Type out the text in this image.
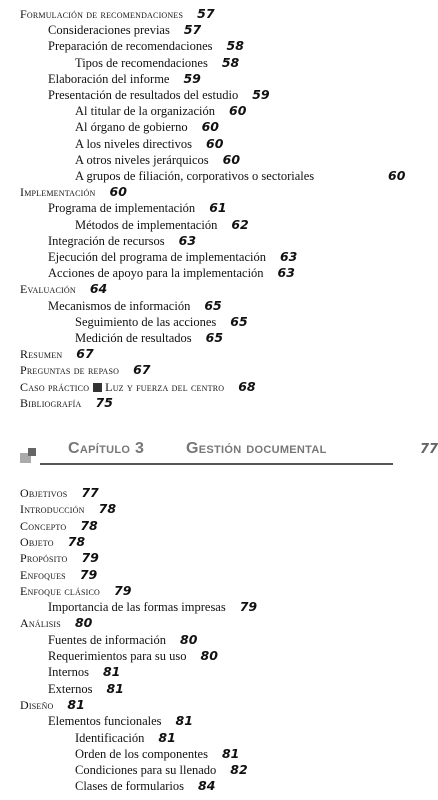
Formulación de recomendaciones 57
Consideraciones previas 57
Preparación de recomendaciones 58
Tipos de recomendaciones 58
Elaboración del informe 59
Presentación de resultados del estudio 59
Al titular de la organización 60
Al órgano de gobierno 60
A los niveles directivos 60
A otros niveles jerárquicos 60
A grupos de filiación, corporativos o sectoriales	60
Implementación 60
Programa de implementación 61
Métodos de implementación 62
Integración de recursos 63
Ejecución del programa de implementación 63
Acciones de apoyo para la implementación 63
Evaluación 64
Mecanismos de información 65
Seguimiento de las acciones 65
Medición de resultados 65
Resumen 67
Preguntas de repaso 67
Caso práctico Luz y fuerza del centro 68
Bibliografía 75
Capítulo 3	Gestión documental	77
Objetivos 77
Introducción 78
Concepto 78
Objeto 78
Propósito 79
Enfoques 79
Enfoque clásico 79
Importancia de las formas impresas 79
Análisis 80
Fuentes de información 80
Requerimientos para su uso 80
Internos 81
Externos 81
Diseño 81
Elementos funcionales 81
Identificación 81
Orden de los componentes 81
Condiciones para su llenado 82
Clases de formularios 84
